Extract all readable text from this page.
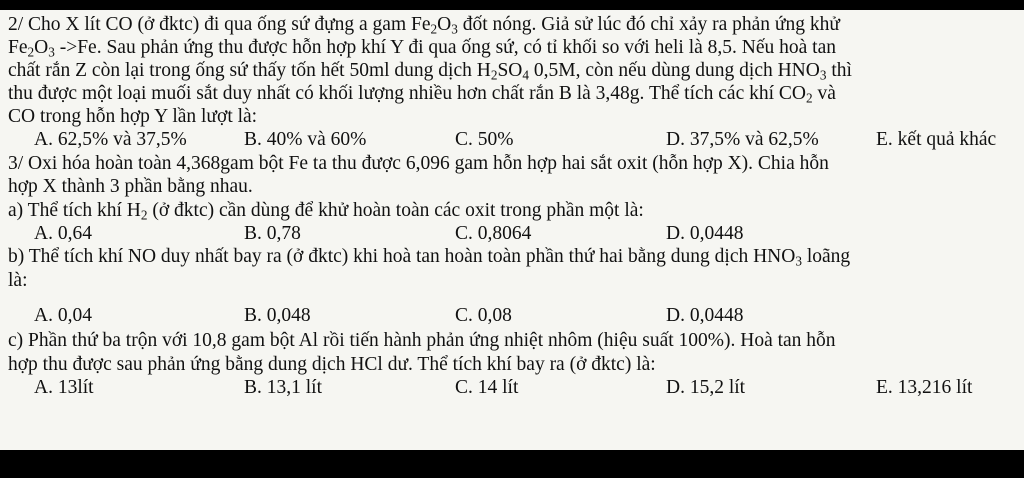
2/ Cho X lít CO (ở đktc) đi qua ống sứ đựng a gam $Fe_2O_3$ đốt nóng. Giả sử lúc đó chỉ xảy ra phản ứng khử
$Fe_2O_3$ ->Fe. Sau phản ứng thu được hỗn hợp khí Y đi qua ống sứ, có tỉ khối so với heli là 8,5. Nếu hoà tan
chất rắn Z còn lại trong ống sứ thấy tốn hết 50ml dung dịch $H_2SO_4$ 0,5M, còn nếu dùng dung dịch $HNO_3$ thì
thu được một loại muối sắt duy nhất có khối lượng nhiều hơn chất rắn B là 3,48g. Thể tích các khí $CO_2$ và
CO trong hỗn hợp Y lần lượt là:
A. 62,5% và 37,5%	B. 40% và 60%	C. 50%	D. 37,5% và 62,5%	E. kết quả khác
3/ Oxi hóa hoàn toàn 4,368gam bột Fe ta thu được 6,096 gam hỗn hợp hai sắt oxit (hỗn hợp X). Chia hỗn
hợp X thành 3 phần bằng nhau.
a) Thể tích khí $H_2$ (ở đktc) cần dùng để khử hoàn toàn các oxit trong phần một là:
A. 0,64	B. 0,78	C. 0,8064	D. 0,0448
b) Thể tích khí NO duy nhất bay ra (ở đktc) khi hoà tan hoàn toàn phần thứ hai bằng dung dịch $HNO_3$ loãng
là:
A. 0,04	B. 0,048	C. 0,08	D. 0,0448
c) Phần thứ ba trộn với 10,8 gam bột Al rồi tiến hành phản ứng nhiệt nhôm (hiệu suất 100%). Hoà tan hỗn
hợp thu được sau phản ứng bằng dung dịch HCl dư. Thể tích khí bay ra (ở đktc) là:
A. 13lít	B. 13,1 lít	C. 14 lít	D. 15,2 lít	E. 13,216 lít
